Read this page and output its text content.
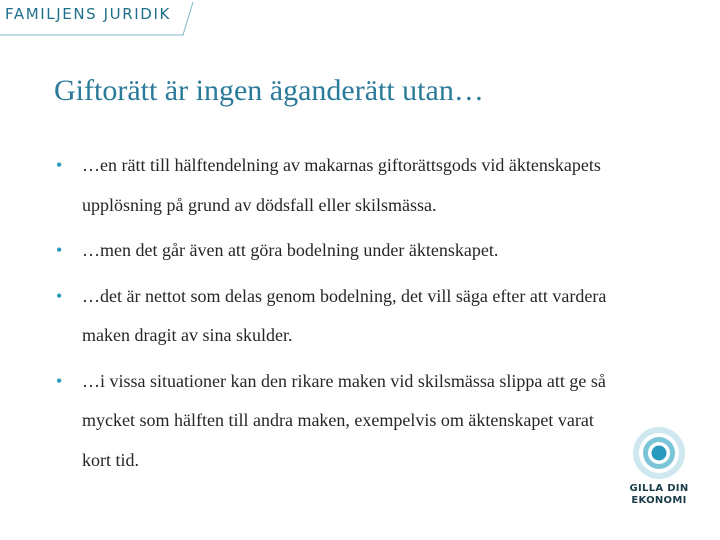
FAMILJENS JURIDIK
Giftorätt är ingen äganderätt utan…
• …en rätt till hälftendelning av makarnas giftorättsgods vid äktenskapets upplösning på grund av dödsfall eller skilsmässa.
• …men det går även att göra bodelning under äktenskapet.
• …det är nettot som delas genom bodelning, det vill säga efter att vardera maken dragit av sina skulder.
• …i vissa situationer kan den rikare maken vid skilsmässa slippa att ge så mycket som hälften till andra maken, exempelvis om äktenskapet varat kort tid.
GILLA DIN
EKONOMI
